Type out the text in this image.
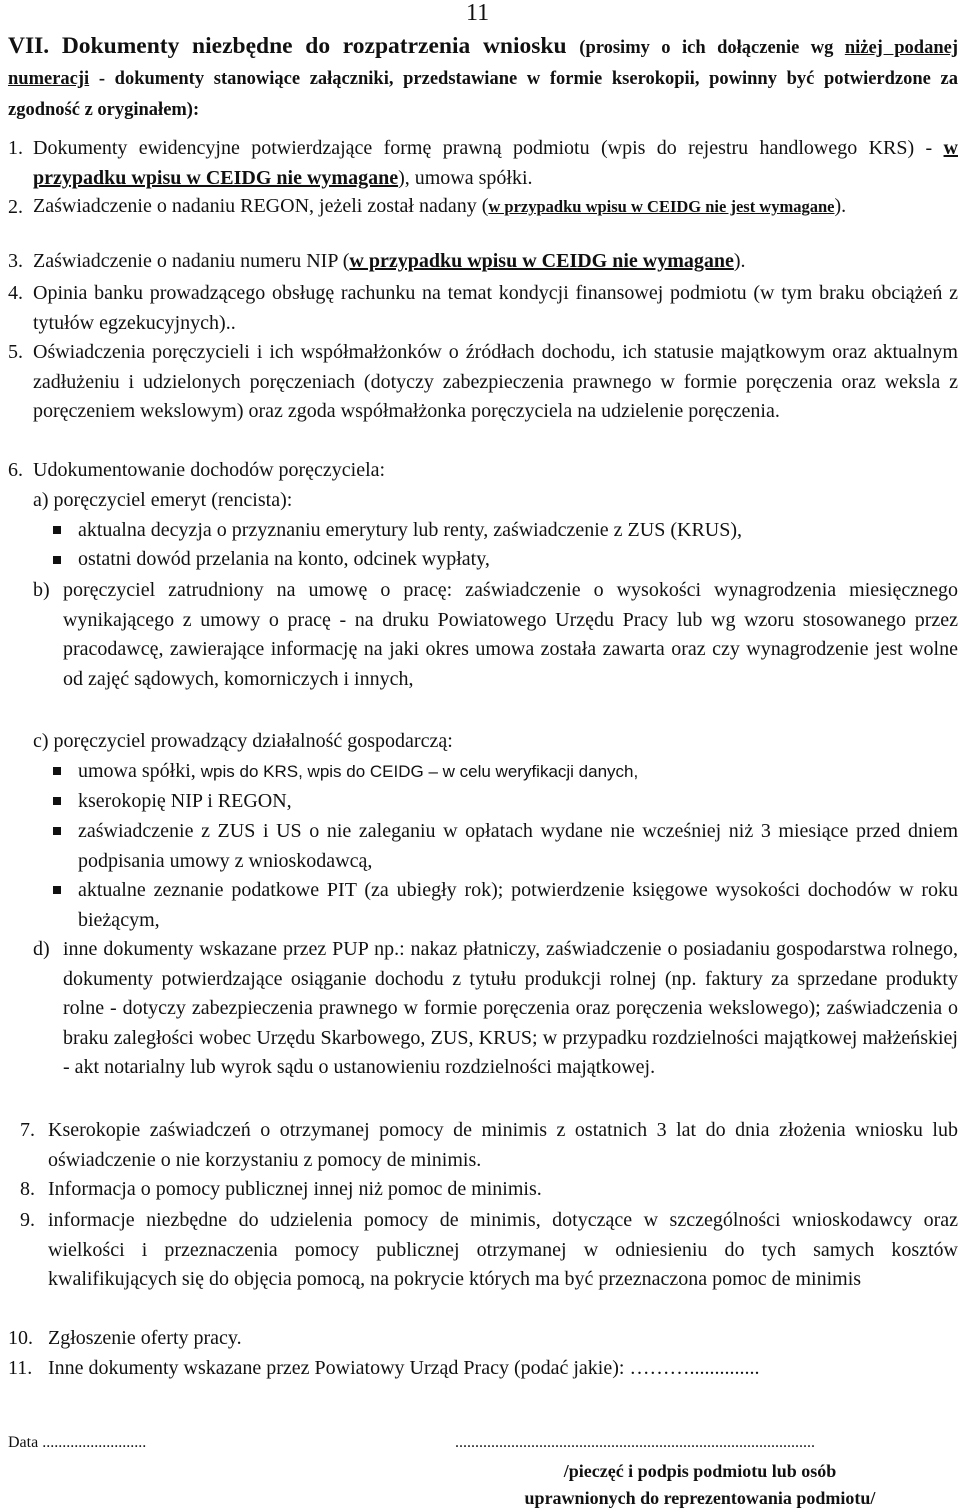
11
VII. Dokumenty niezbędne do rozpatrzenia wniosku (prosimy o ich dołączenie wg niżej podanej numeracji - dokumenty stanowiące załączniki, przedstawiane w formie kserokopii, powinny być potwierdzone za zgodność z oryginałem):
1. Dokumenty ewidencyjne potwierdzające formę prawną podmiotu (wpis do rejestru handlowego KRS) - w przypadku wpisu w CEIDG nie wymagane), umowa spółki.
2. Zaświadczenie o nadaniu REGON, jeżeli został nadany (w przypadku wpisu w CEIDG nie jest wymagane).
3. Zaświadczenie o nadaniu numeru NIP (w przypadku wpisu w CEIDG nie wymagane).
4. Opinia banku prowadzącego obsługę rachunku na temat kondycji finansowej podmiotu (w tym braku obciążeń z tytułów egzekucyjnych)..
5. Oświadczenia poręczycieli i ich współmałżonków o źródłach dochodu, ich statusie majątkowym oraz aktualnym zadłużeniu i udzielonych poręczeniach (dotyczy zabezpieczenia prawnego w formie poręczenia oraz weksla z poręczeniem wekslowym) oraz zgoda współmałżonka poręczyciela na udzielenie poręczenia.
6. Udokumentowanie dochodów poręczyciela:
a) poręczyciel emeryt (rencista):
aktualna decyzja o przyznaniu emerytury lub renty, zaświadczenie z ZUS (KRUS),
ostatni dowód przelania na konto, odcinek wypłaty,
b) poręczyciel zatrudniony na umowę o pracę: zaświadczenie o wysokości wynagrodzenia miesięcznego wynikającego z umowy o pracę - na druku Powiatowego Urzędu Pracy lub wg wzoru stosowanego przez pracodawcę, zawierające informację na jaki okres umowa została zawarta oraz czy wynagrodzenie jest wolne od zajęć sądowych, komorniczych i innych,
c) poręczyciel prowadzący działalność gospodarczą:
umowa spółki, wpis do KRS, wpis do CEIDG – w celu weryfikacji danych,
kserokopię NIP i REGON,
zaświadczenie z ZUS i US o nie zaleganiu w opłatach wydane nie wcześniej niż 3 miesiące przed dniem podpisania umowy z wnioskodawcą,
aktualne zeznanie podatkowe PIT (za ubiegły rok); potwierdzenie księgowe wysokości dochodów w roku bieżącym,
d) inne dokumenty wskazane przez PUP np.: nakaz płatniczy, zaświadczenie o posiadaniu gospodarstwa rolnego, dokumenty potwierdzające osiąganie dochodu z tytułu produkcji rolnej (np. faktury za sprzedane produkty rolne - dotyczy zabezpieczenia prawnego w formie poręczenia oraz poręczenia wekslowego); zaświadczenia o braku zaległości wobec Urzędu Skarbowego, ZUS, KRUS; w przypadku rozdzielności majątkowej małżeńskiej - akt notarialny lub wyrok sądu o ustanowieniu rozdzielności majątkowej.
7. Kserokopie zaświadczeń o otrzymanej pomocy de minimis z ostatnich 3 lat do dnia złożenia wniosku lub oświadczenie o nie korzystaniu z pomocy de minimis.
8. Informacja o pomocy publicznej innej niż pomoc de minimis.
9. informacje niezbędne do udzielenia pomocy de minimis, dotyczące w szczególności wnioskodawcy oraz wielkości i przeznaczenia pomocy publicznej otrzymanej w odniesieniu do tych samych kosztów kwalifikujących się do objęcia pomocą, na pokrycie których ma być przeznaczona pomoc de minimis
10. Zgłoszenie oferty pracy.
11. Inne dokumenty wskazane przez Powiatowy Urząd Pracy (podać jakie): ………..............
Data ..........................	..........................................................................................
/pieczęć i podpis podmiotu lub osób
uprawnionych do reprezentowania podmiotu/
